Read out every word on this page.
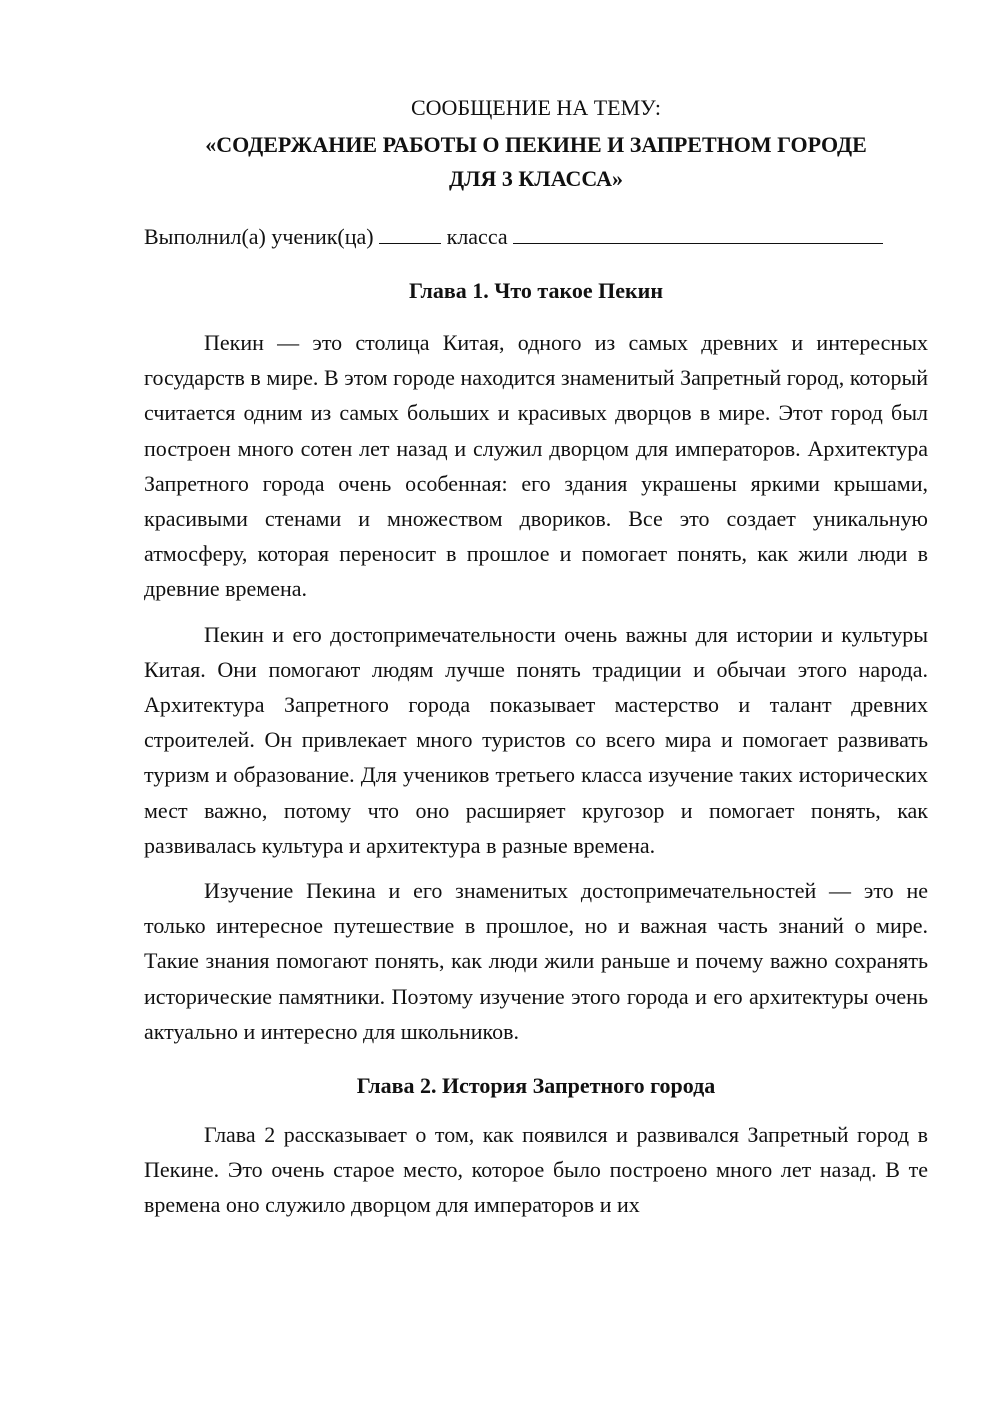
СООБЩЕНИЕ НА ТЕМУ:

«СОДЕРЖАНИЕ РАБОТЫ О ПЕКИНЕ И ЗАПРЕТНОМ ГОРОДЕ

ДЛЯ 3 КЛАССА»

Выполнил(а) ученик(ца)	класса

Глава 1. Что такое Пекин

Пекин — это столица Китая, одного из самых древних и интересных государств в мире. В этом городе находится знаменитый Запретный город, который считается одним из самых больших и красивых дворцов в мире. Этот город был построен много сотен лет назад и служил дворцом для императоров. Архитектура Запретного города очень особенная: его здания украшены яркими крышами, красивыми стенами и множеством двориков. Все это создает уникальную атмосферу, которая переносит в прошлое и помогает понять, как жили люди в древние времена.

Пекин и его достопримечательности очень важны для истории и культуры Китая. Они помогают людям лучше понять традиции и обычаи этого народа. Архитектура Запретного города показывает мастерство и талант древних строителей. Он привлекает много туристов со всего мира и помогает развивать туризм и образование. Для учеников третьего класса изучение таких исторических мест важно, потому что оно расширяет кругозор и помогает понять, как развивалась культура и архитектура в разные времена.

Изучение Пекина и его знаменитых достопримечательностей — это не только интересное путешествие в прошлое, но и важная часть знаний о мире. Такие знания помогают понять, как люди жили раньше и почему важно сохранять исторические памятники. Поэтому изучение этого города и его архитектуры очень актуально и интересно для школьников.

Глава 2. История Запретного города

Глава 2 рассказывает о том, как появился и развивался Запретный город в Пекине. Это очень старое место, которое было построено много лет назад. В те времена оно служило дворцом для императоров и их
